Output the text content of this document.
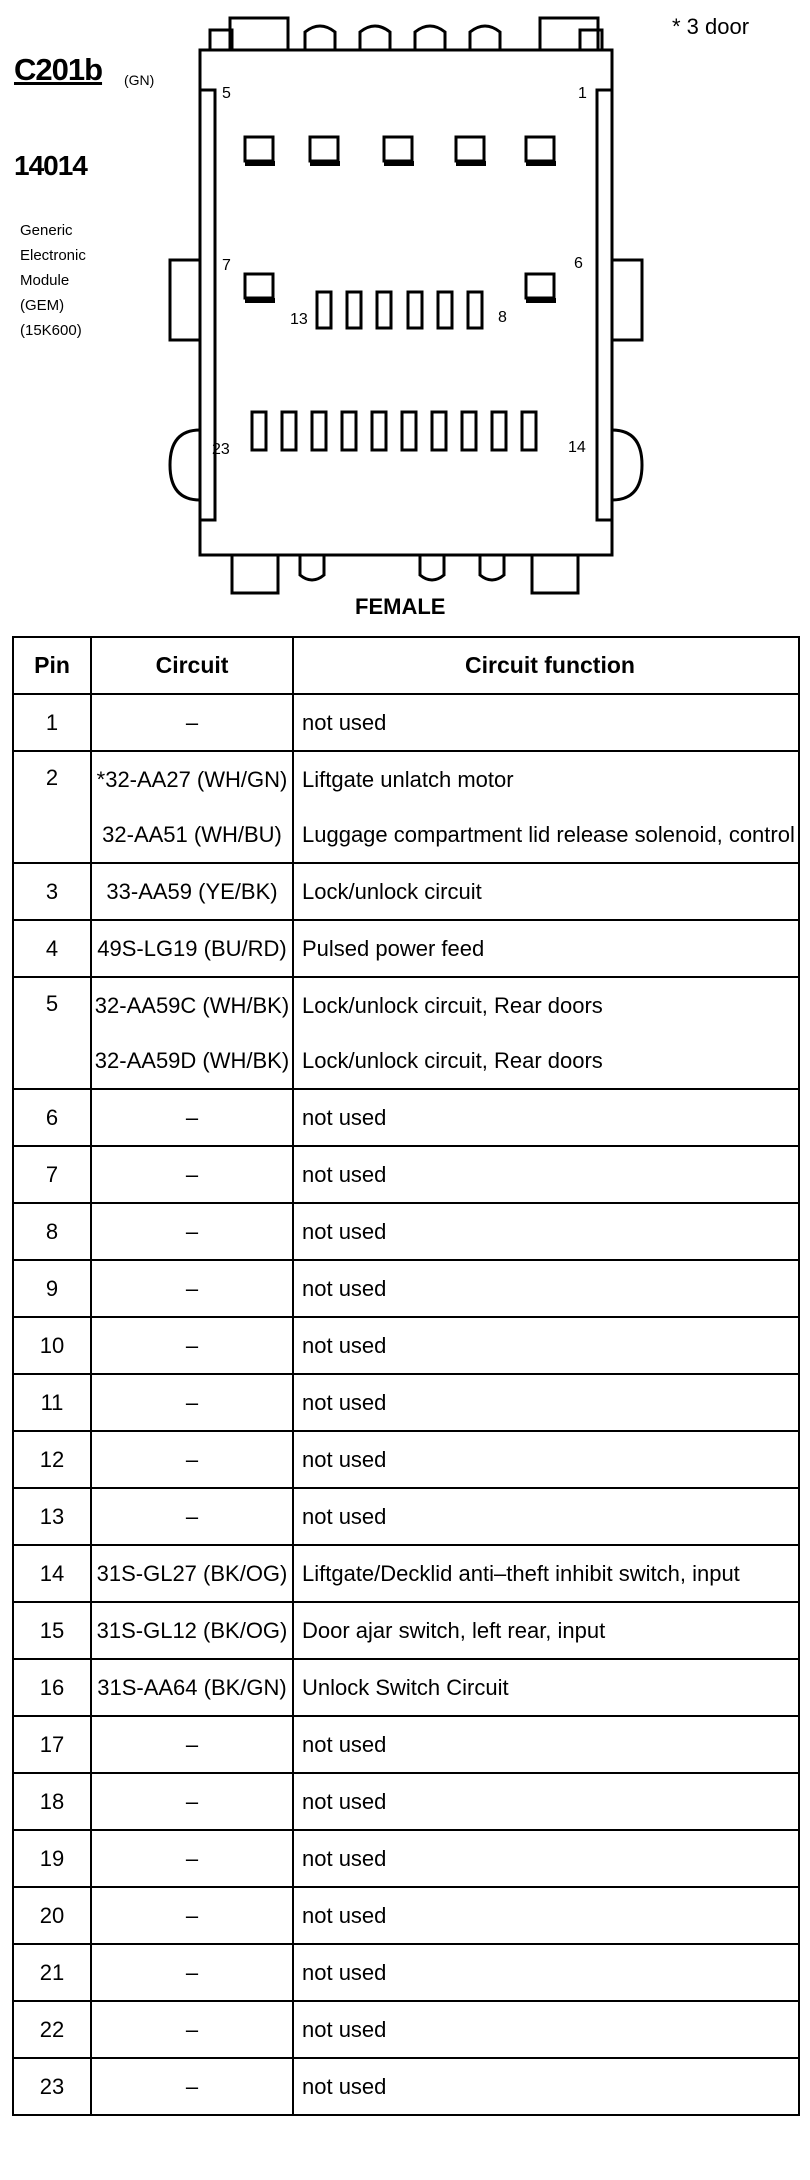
C201b (GN)
14014
Generic
Electronic
Module
(GEM)
(15K600)
* 3 door
5	1
7	6
13	8
23	14
FEMALE
Pin	Circuit	Circuit function
1	–	not used
2	*32-AA27 (WH/GN)	Liftgate unlatch motor
	32-AA51 (WH/BU)	Luggage compartment lid release solenoid, control
3	33-AA59 (YE/BK)	Lock/unlock circuit
4	49S-LG19 (BU/RD)	Pulsed power feed
5	32-AA59C (WH/BK)	Lock/unlock circuit, Rear doors
	32-AA59D (WH/BK)	Lock/unlock circuit, Rear doors
6	–	not used
7	–	not used
8	–	not used
9	–	not used
10	–	not used
11	–	not used
12	–	not used
13	–	not used
14	31S-GL27 (BK/OG)	Liftgate/Decklid anti–theft inhibit switch, input
15	31S-GL12 (BK/OG)	Door ajar switch, left rear, input
16	31S-AA64 (BK/GN)	Unlock Switch Circuit
17	–	not used
18	–	not used
19	–	not used
20	–	not used
21	–	not used
22	–	not used
23	–	not used
